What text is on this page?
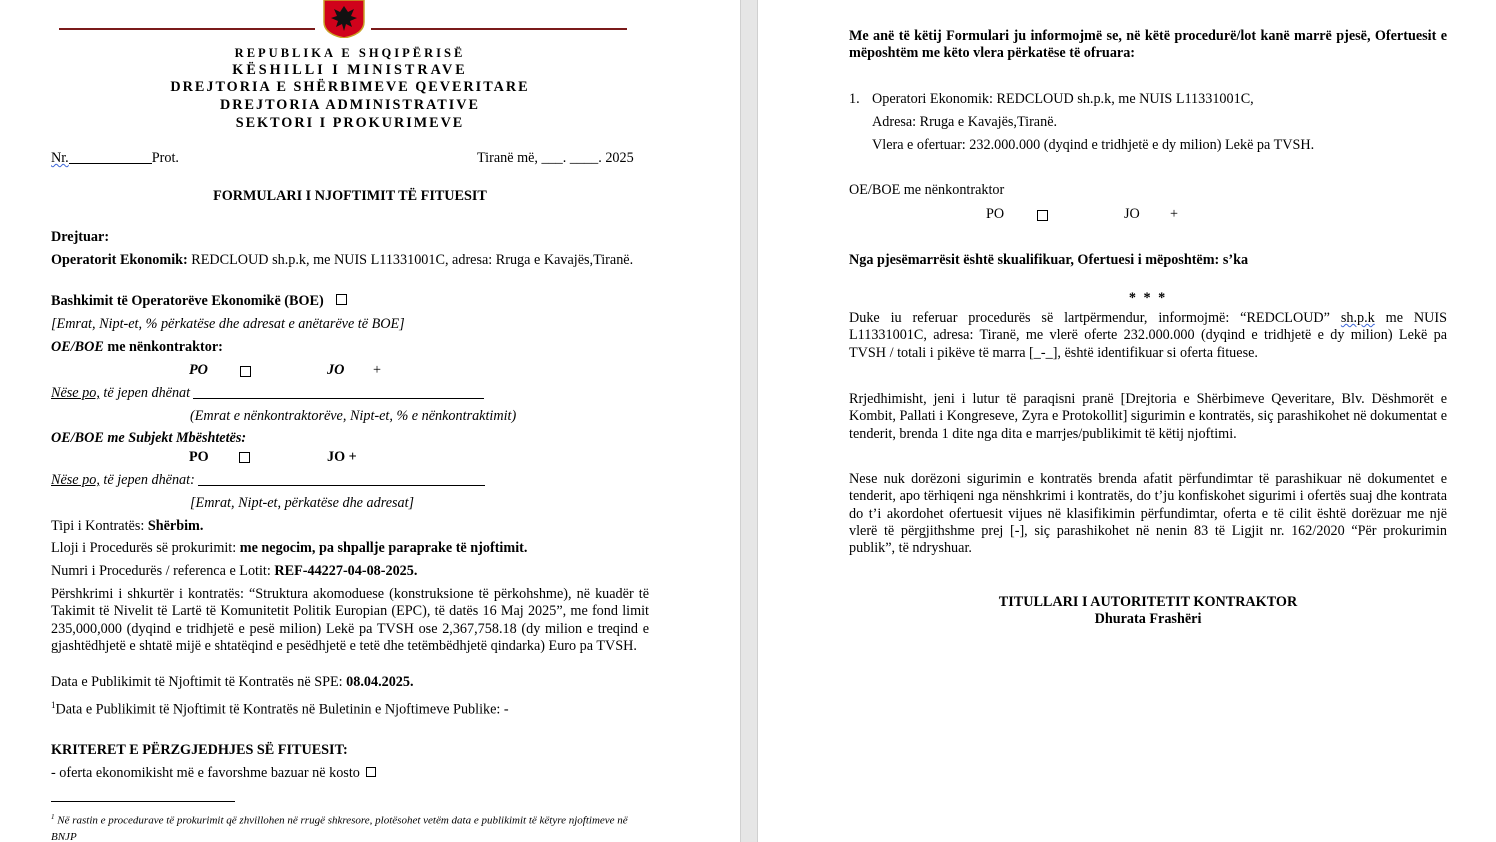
REPUBLIKA E SHQIPËRISË
KËSHILLI I MINISTRAVE
DREJTORIA E SHËRBIMEVE QEVERITARE
DREJTORIA ADMINISTRATIVE
SEKTORI I PROKURIMEVE
Nr.	Prot.	Tiranë më, ___. ____. 2025
FORMULARI I NJOFTIMIT TË FITUESIT
Drejtuar:
Operatorit Ekonomik: REDCLOUD sh.p.k, me NUIS L11331001C, adresa: Rruga e Kavajës,Tiranë.
Bashkimit të Operatorëve Ekonomikë (BOE)
[Emrat, Nipt-et, % përkatëse dhe adresat e anëtarëve të BOE]
OE/BOE me nënkontraktor:
PO	JO +
Nëse po, të jepen dhënat
(Emrat e nënkontraktorëve, Nipt-et, % e nënkontraktimit)
OE/BOE me Subjekt Mbështetës:
PO	JO +
Nëse po, të jepen dhënat:
[Emrat, Nipt-et, përkatëse dhe adresat]
Tipi i Kontratës: Shërbim.
Lloji i Procedurës së prokurimit: me negocim, pa shpallje paraprake të njoftimit.
Numri i Procedurës / referenca e Lotit: REF-44227-04-08-2025.
Përshkrimi i shkurtër i kontratës: “Struktura akomoduese (konstruksione të përkohshme), në kuadër të Takimit të Nivelit të Lartë të Komunitetit Politik Europian (EPC), të datës 16 Maj 2025”, me fond limit 235,000,000 (dyqind e tridhjetë e pesë milion) Lekë pa TVSH ose 2,367,758.18 (dy milion e treqind e gjashtëdhjetë e shtatë mijë e shtatëqind e pesëdhjetë e tetë dhe tetëmbëdhjetë qindarka) Euro pa TVSH.
Data e Publikimit të Njoftimit të Kontratës në SPE: 08.04.2025.
$^1$Data e Publikimit të Njoftimit të Kontratës në Buletinin e Njoftimeve Publike: -
KRITERET E PËRZGJEDHJES SË FITUESIT:
- oferta ekonomikisht më e favorshme bazuar në kosto
$^1$ Në rastin e procedurave të prokurimit që zhvillohen në rrugë shkresore, plotësohet vetëm data e publikimit të këtyre njoftimeve në BNJP
Me anë të këtij Formulari ju informojmë se, në këtë procedurë/lot kanë marrë pjesë, Ofertuesit e mëposhtëm me këto vlera përkatëse të ofruara:
1. Operatori Ekonomik: REDCLOUD sh.p.k, me NUIS L11331001C,
Adresa: Rruga e Kavajës,Tiranë.
Vlera e ofertuar: 232.000.000 (dyqind e tridhjetë e dy milion) Lekë pa TVSH.
OE/BOE me nënkontraktor
PO	JO +
Nga pjesëmarrësit është skualifikuar, Ofertuesi i mëposhtëm: s’ka
* * *
Duke iu referuar procedurës së lartpërmendur, informojmë: “REDCLOUD” sh.p.k me NUIS L11331001C, adresa: Tiranë, me vlerë oferte 232.000.000 (dyqind e tridhjetë e dy milion) Lekë pa TVSH / totali i pikëve të marra [_-_], është identifikuar si oferta fituese.
Rrjedhimisht, jeni i lutur të paraqisni pranë [Drejtoria e Shërbimeve Qeveritare, Blv. Dëshmorët e Kombit, Pallati i Kongreseve, Zyra e Protokollit] sigurimin e kontratës, siç parashikohet në dokumentat e tenderit, brenda 1 dite nga dita e marrjes/publikimit të këtij njoftimi.
Nese nuk dorëzoni sigurimin e kontratës brenda afatit përfundimtar të parashikuar në dokumentet e tenderit, apo tërhiqeni nga nënshkrimi i kontratës, do t’ju konfiskohet sigurimi i ofertës suaj dhe kontrata do t’i akordohet ofertuesit vijues në klasifikimin përfundimtar, oferta e të cilit është dorëzuar me një vlerë të përgjithshme prej [-], siç parashikohet në nenin 83 të Ligjit nr. 162/2020 “Për prokurimin publik”, të ndryshuar.
TITULLARI I AUTORITETIT KONTRAKTOR
Dhurata Frashëri
